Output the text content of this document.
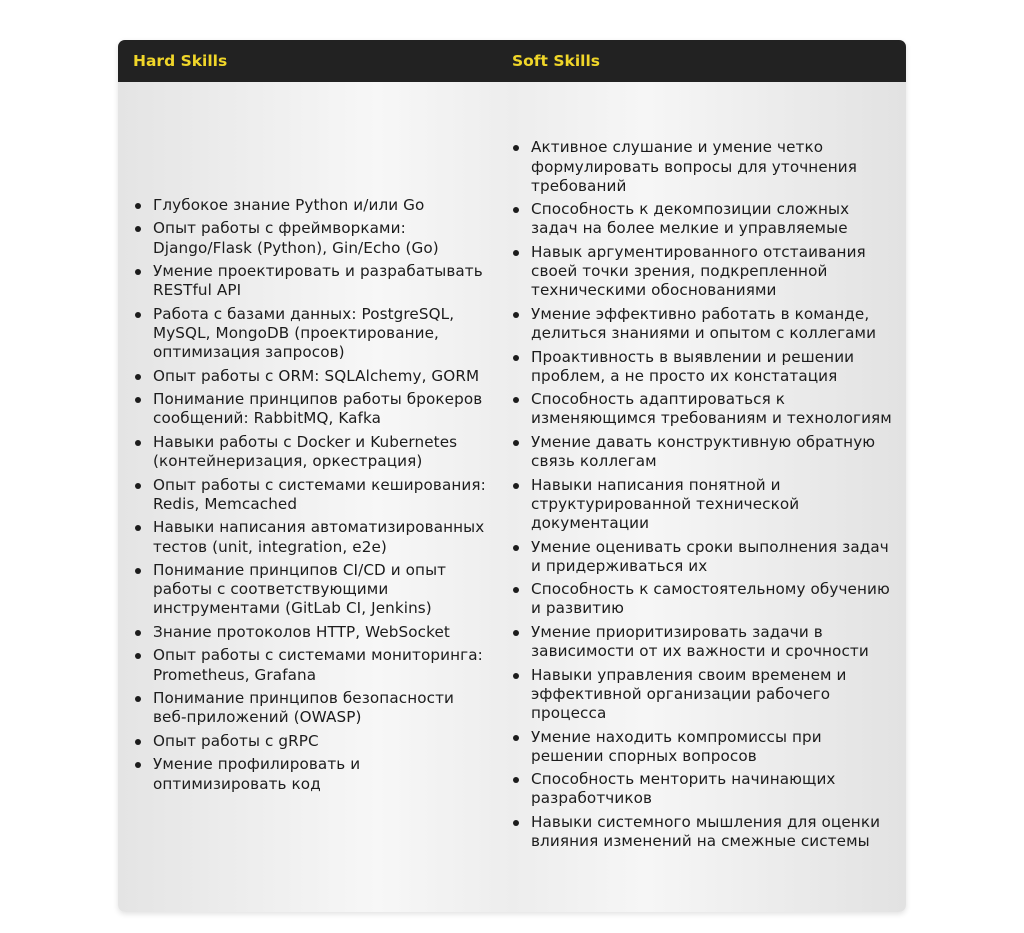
Hard Skills	Soft Skills
Глубокое знание Python и/или Go
Опыт работы с фреймворками: Django/Flask (Python), Gin/Echo (Go)
Умение проектировать и разрабатывать RESTful API
Работа с базами данных: PostgreSQL, MySQL, MongoDB (проектирование, оптимизация запросов)
Опыт работы с ORM: SQLAlchemy, GORM
Понимание принципов работы брокеров сообщений: RabbitMQ, Kafka
Навыки работы с Docker и Kubernetes (контейнеризация, оркестрация)
Опыт работы с системами кеширования: Redis, Memcached
Навыки написания автоматизированных тестов (unit, integration, e2e)
Понимание принципов CI/CD и опыт работы с соответствующими инструментами (GitLab CI, Jenkins)
Знание протоколов HTTP, WebSocket
Опыт работы с системами мониторинга: Prometheus, Grafana
Понимание принципов безопасности веб-приложений (OWASP)
Опыт работы с gRPC
Умение профилировать и оптимизировать код
Активное слушание и умение четко формулировать вопросы для уточнения требований
Способность к декомпозиции сложных задач на более мелкие и управляемые
Навык аргументированного отстаивания своей точки зрения, подкрепленной техническими обоснованиями
Умение эффективно работать в команде, делиться знаниями и опытом с коллегами
Проактивность в выявлении и решении проблем, а не просто их констатация
Способность адаптироваться к изменяющимся требованиям и технологиям
Умение давать конструктивную обратную связь коллегам
Навыки написания понятной и структурированной технической документации
Умение оценивать сроки выполнения задач и придерживаться их
Способность к самостоятельному обучению и развитию
Умение приоритизировать задачи в зависимости от их важности и срочности
Навыки управления своим временем и эффективной организации рабочего процесса
Умение находить компромиссы при решении спорных вопросов
Способность менторить начинающих разработчиков
Навыки системного мышления для оценки влияния изменений на смежные системы
